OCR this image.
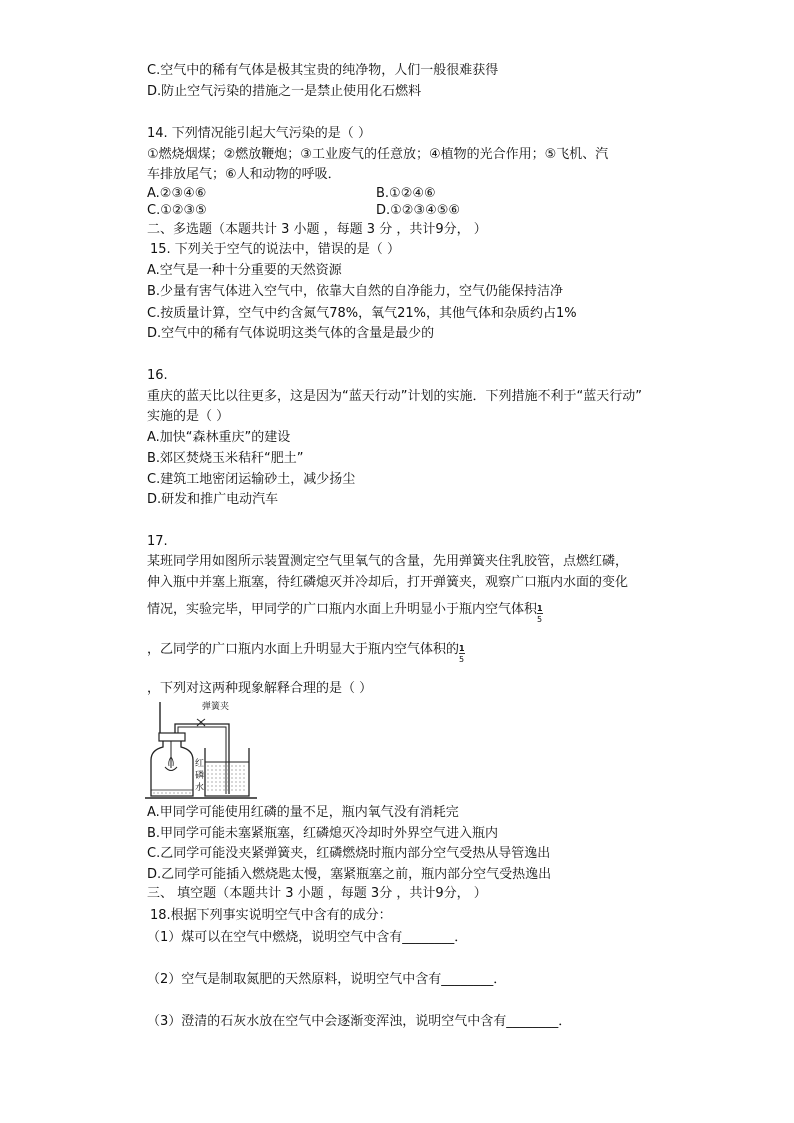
C.空气中的稀有气体是极其宝贵的纯净物，人们一般很难获得
D.防止空气污染的措施之一是禁止使用化石燃料
14. 下列情况能引起大气污染的是（ ）
①燃烧烟煤；②燃放鞭炮；③工业废气的任意放；④植物的光合作用；⑤飞机、汽
车排放尾气；⑥人和动物的呼吸．
A.②③④⑥	B.①②④⑥
C.①②③⑤	D.①②③④⑤⑥
二、多选题（本题共计 3 小题 ，每题 3 分 ，共计9分， ）
15. 下列关于空气的说法中，错误的是（ ）
A.空气是一种十分重要的天然资源
B.少量有害气体进入空气中，依靠大自然的自净能力，空气仍能保持洁净
C.按质量计算，空气中约含氮气78%，氧气21%，其他气体和杂质约占1%
D.空气中的稀有气体说明这类气体的含量是最少的
16.
重庆的蓝天比以往更多，这是因为“蓝天行动”计划的实施．下列措施不利于“蓝天行动”
实施的是（ ）
A.加快“森林重庆”的建设
B.郊区焚烧玉米秸秆“肥土”
C.建筑工地密闭运输砂土，减少扬尘
D.研发和推广电动汽车
17.
某班同学用如图所示装置测定空气里氧气的含量，先用弹簧夹住乳胶管，点燃红磷，
伸入瓶中并塞上瓶塞，待红磷熄灭并冷却后，打开弹簧夹，观察广口瓶内水面的变化
情况，实验完毕，甲同学的广口瓶内水面上升明显小于瓶内空气体积 $\frac{1}{5}$
，乙同学的广口瓶内水面上升明显大于瓶内空气体积的 $\frac{1}{5}$
，下列对这两种现象解释合理的是（ ）
弹簧夹
红
磷
水
A.甲同学可能使用红磷的量不足，瓶内氧气没有消耗完
B.甲同学可能未塞紧瓶塞，红磷熄灭冷却时外界空气进入瓶内
C.乙同学可能没夹紧弹簧夹，红磷燃烧时瓶内部分空气受热从导管逸出
D.乙同学可能插入燃烧匙太慢，塞紧瓶塞之前，瓶内部分空气受热逸出
三、 填空题（本题共计 3 小题 ，每题 3分 ，共计9分， ）
18.根据下列事实说明空气中含有的成分：
（1）煤可以在空气中燃烧，说明空气中含有________．
（2）空气是制取氮肥的天然原料，说明空气中含有________．
（3）澄清的石灰水放在空气中会逐渐变浑浊，说明空气中含有________．
